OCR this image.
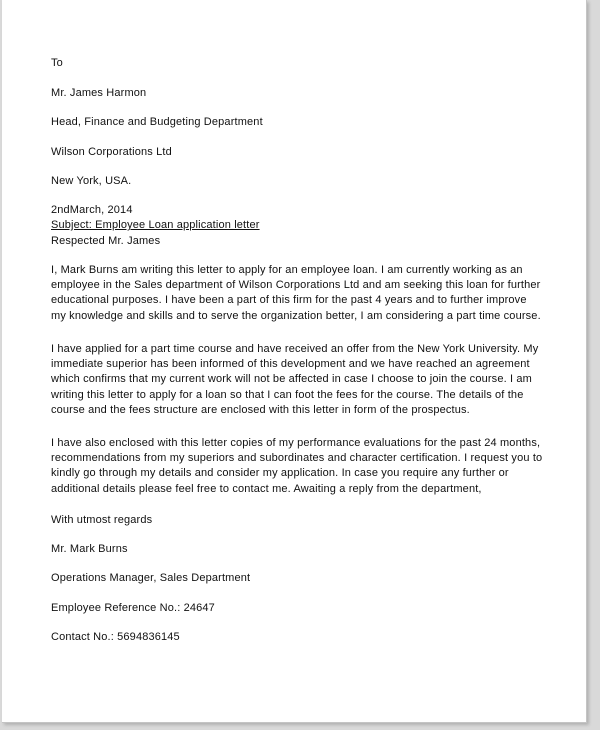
To
Mr. James Harmon
Head, Finance and Budgeting Department
Wilson Corporations Ltd
New York, USA.
2ndMarch, 2014
Subject: Employee Loan application letter
Respected Mr. James
I, Mark Burns am writing this letter to apply for an employee loan. I am currently working as an
employee in the Sales department of Wilson Corporations Ltd and am seeking this loan for further
educational purposes. I have been a part of this firm for the past 4 years and to further improve
my knowledge and skills and to serve the organization better, I am considering a part time course.
I have applied for a part time course and have received an offer from the New York University. My
immediate superior has been informed of this development and we have reached an agreement
which confirms that my current work will not be affected in case I choose to join the course. I am
writing this letter to apply for a loan so that I can foot the fees for the course. The details of the
course and the fees structure are enclosed with this letter in form of the prospectus.
I have also enclosed with this letter copies of my performance evaluations for the past 24 months,
recommendations from my superiors and subordinates and character certification. I request you to
kindly go through my details and consider my application. In case you require any further or
additional details please feel free to contact me. Awaiting a reply from the department,
With utmost regards
Mr. Mark Burns
Operations Manager, Sales Department
Employee Reference No.: 24647
Contact No.: 5694836145
